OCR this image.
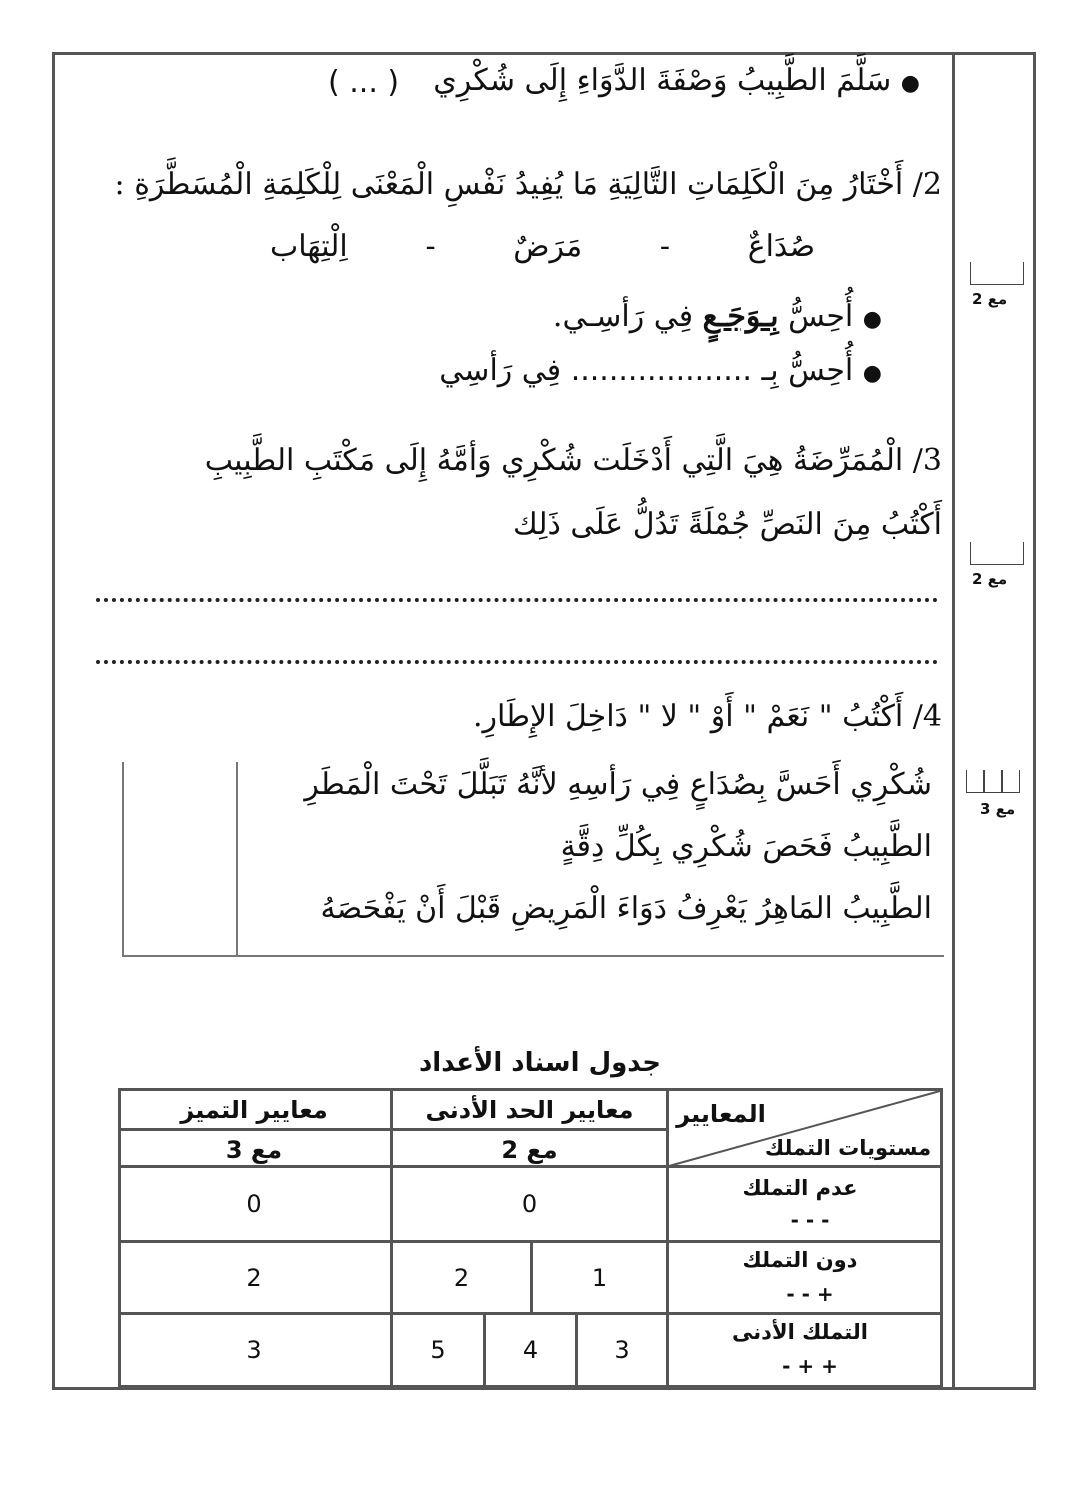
● سَلَّمَ الطَّبِيبُ وَصْفَةَ الدَّوَاءِ إِلَى شُكْرِي
( ... )
2/ أَخْتَارُ مِنَ الْكَلِمَاتِ التَّالِيَةِ مَا يُفِيدُ نَفْسِ الْمَعْنَى لِلْكَلِمَةِ الْمُسَطَّرَةِ :
صُدَاعٌ     -     مَرَضٌ     -     اِلْتِهَاب
● أُحِسُّ بِـوَجَـعٍ فِي رَأسِـي.
● أُحِسُّ بِـ ................... فِي رَأسِي
مع 2
3/ الْمُمَرِّضَةُ هِيَ الَّتِي أَدْخَلَت شُكْرِي وَأمَّهُ إِلَى مَكْتَبِ الطَّبِيبِ
أَكْتُبُ مِنَ النَصِّ جُمْلَةً تَدُلُّ عَلَى ذَلِك
مع 2
4/ أَكْتُبُ " نَعَمْ " أَوْ " لا " دَاخِلَ الإِطَارِ.
شُكْرِي أَحَسَّ بِصُدَاعٍ فِي رَأسِهِ لأنَّهُ تَبَلَّلَ تَحْتَ الْمَطَرِ
الطَّبِيبُ فَحَصَ شُكْرِي بِكُلِّ دِقَّةٍ
الطَّبِيبُ المَاهِرُ يَعْرِفُ دَوَاءَ الْمَرِيضِ قَبْلَ أَنْ يَفْحَصَهُ
مع 3
جدول اسناد الأعداد
المعايير
مستويات التملك
معايير الحد الأدنى
معايير التميز
مع 2
مع 3
عدم التملك
- - -
0
0
دون التملك
+ - -
1
2
2
التملك الأدنى
+ + -
3
4
5
3
